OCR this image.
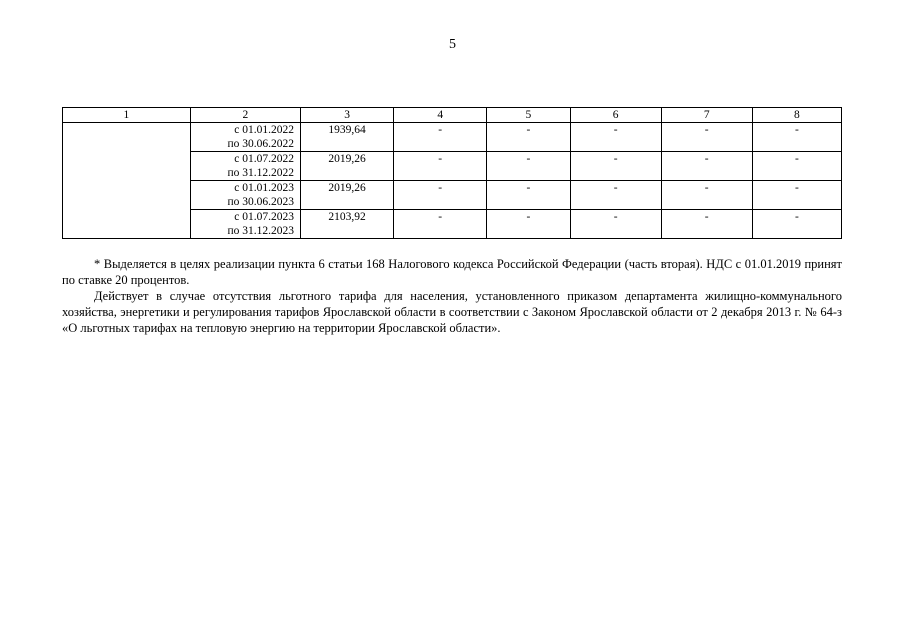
5
1	2	3	4	5	6	7	8

	с 01.01.2022
по 30.06.2022	1939,64	-	-	-	-	-

	с 01.07.2022
по 31.12.2022	2019,26	-	-	-	-	-

	с 01.01.2023
по 30.06.2023	2019,26	-	-	-	-	-

	с 01.07.2023
по 31.12.2023	2103,92	-	-	-	-	-

* Выделяется в целях реализации пункта 6 статьи 168 Налогового кодекса Российской Федерации (часть вторая). НДС с 01.01.2019 принят по ставке 20 процентов.

Действует в случае отсутствия льготного тарифа для населения, установленного приказом департамента жилищно-коммунального хозяйства, энергетики и регулирования тарифов Ярославской области в соответствии с Законом Ярославской области от 2 декабря 2013 г. № 64-з «О льготных тарифах на тепловую энергию на территории Ярославской области».
